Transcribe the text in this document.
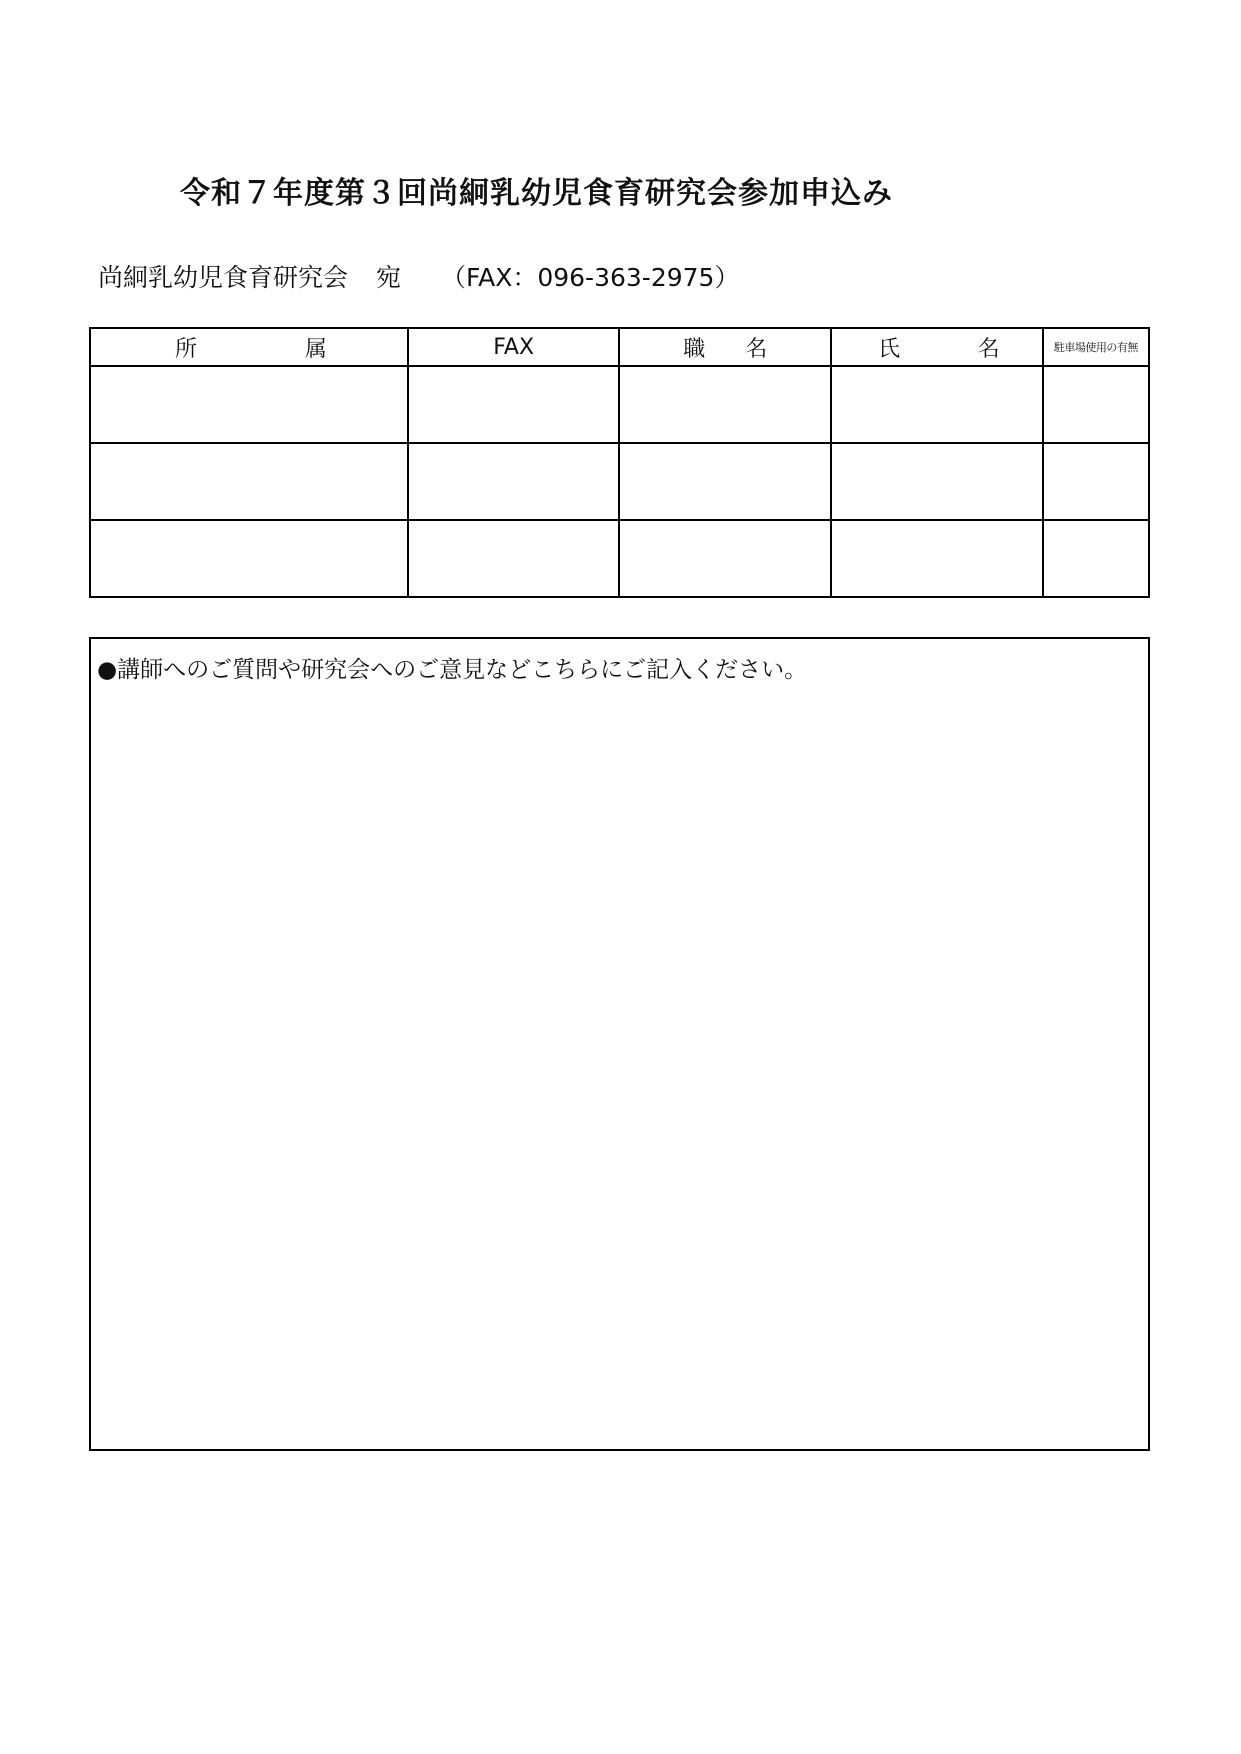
令和７年度第３回尚絅乳幼児食育研究会参加申込み
尚絅乳幼児食育研究会 宛 （FAX：096-363-2975）
所 属	FAX	職 名	氏 名	駐車場使用の有無

●講師へのご質問や研究会へのご意見などこちらにご記入ください。
